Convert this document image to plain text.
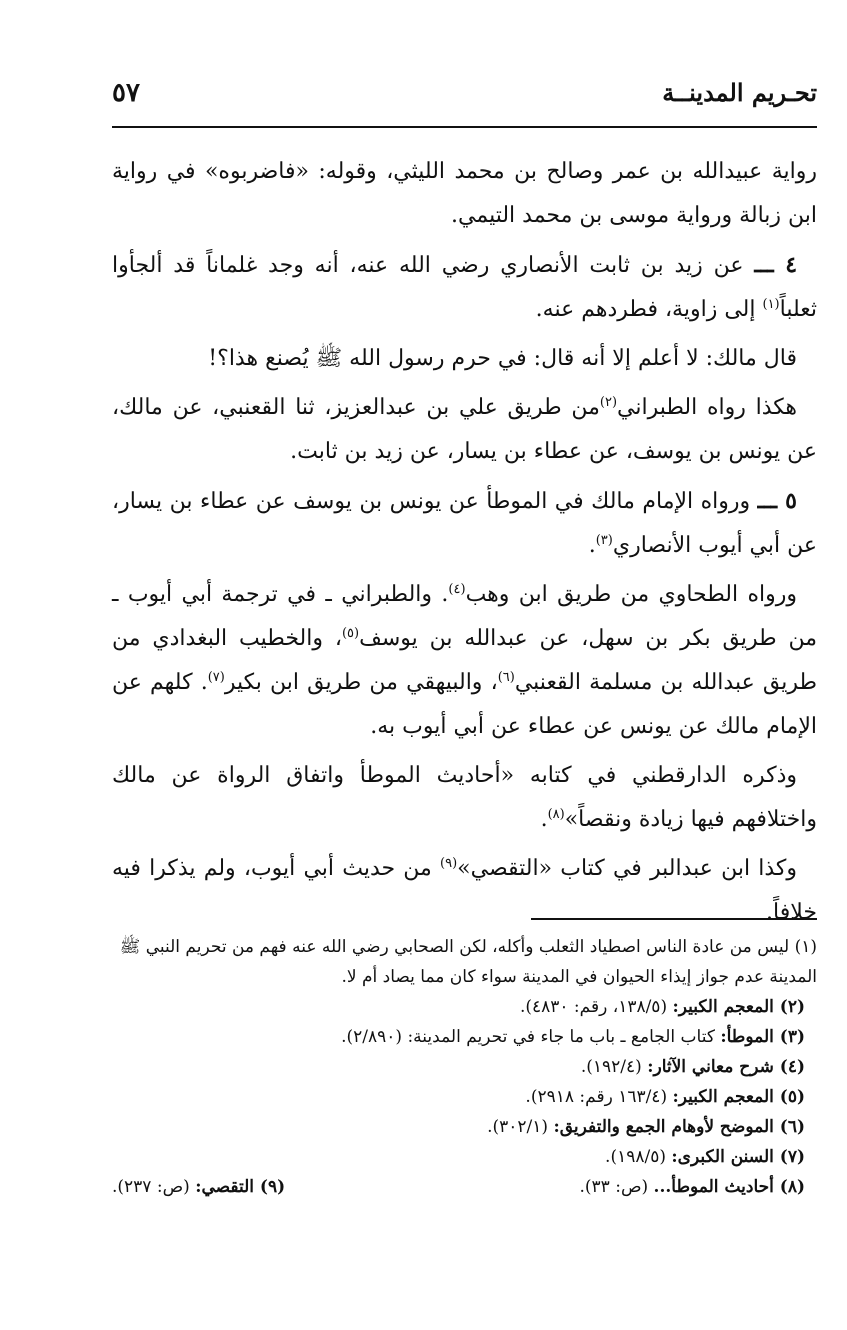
٥٧	تحـريم المدينــة

رواية عبيدالله بن عمر وصالح بن محمد الليثي، وقوله: «فاضربوه» في رواية ابن زبالة ورواية موسى بن محمد التيمي.

٤ ـــ عن زيد بن ثابت الأنصاري رضي الله عنه، أنه وجد غلماناً قد ألجأوا ثعلباً$^{(١)}$ إلى زاوية، فطردهم عنه.

قال مالك: لا أعلم إلا أنه قال: في حرم رسول الله ﷺ يُصنع هذا؟!

هكذا رواه الطبراني$^{(٢)}$من طريق علي بن عبدالعزيز، ثنا القعنبي، عن مالك، عن يونس بن يوسف، عن عطاء بن يسار، عن زيد بن ثابت.

٥ ـــ ورواه الإمام مالك في الموطأ عن يونس بن يوسف عن عطاء بن يسار، عن أبي أيوب الأنصاري$^{(٣)}$.

ورواه الطحاوي من طريق ابن وهب$^{(٤)}$. والطبراني ـ في ترجمة أبي أيوب ـ من طريق بكر بن سهل، عن عبدالله بن يوسف$^{(٥)}$، والخطيب البغدادي من طريق عبدالله بن مسلمة القعنبي$^{(٦)}$، والبيهقي من طريق ابن بكير$^{(٧)}$. كلهم عن الإمام مالك عن يونس عن عطاء عن أبي أيوب به.

وذكره الدارقطني في كتابه «أحاديث الموطأ واتفاق الرواة عن مالك واختلافهم فيها زيادة ونقصاً»$^{(٨)}$.

وكذا ابن عبدالبر في كتاب «التقصي»$^{(٩)}$ من حديث أبي أيوب، ولم يذكرا فيه خلافاً.

(١) ليس من عادة الناس اصطياد الثعلب وأكله، لكن الصحابي رضي الله عنه فهم من تحريم النبي ﷺ المدينة عدم جواز إيذاء الحيوان في المدينة سواء كان مما يصاد أم لا.

(٢) المعجم الكبير: (١٣٨/٥، رقم: ٤٨٣٠).

(٣) الموطأ: كتاب الجامع ـ باب ما جاء في تحريم المدينة: (٢/٨٩٠).

(٤) شرح معاني الآثار: (١٩٢/٤).

(٥) المعجم الكبير: (١٦٣/٤ رقم: ٢٩١٨).

(٦) الموضح لأوهام الجمع والتفريق: (٣٠٢/١).

(٧) السنن الكبرى: (١٩٨/٥).

(٨) أحاديث الموطأ... (ص: ٣٣).
(٩) التقصي: (ص: ٢٣٧).
